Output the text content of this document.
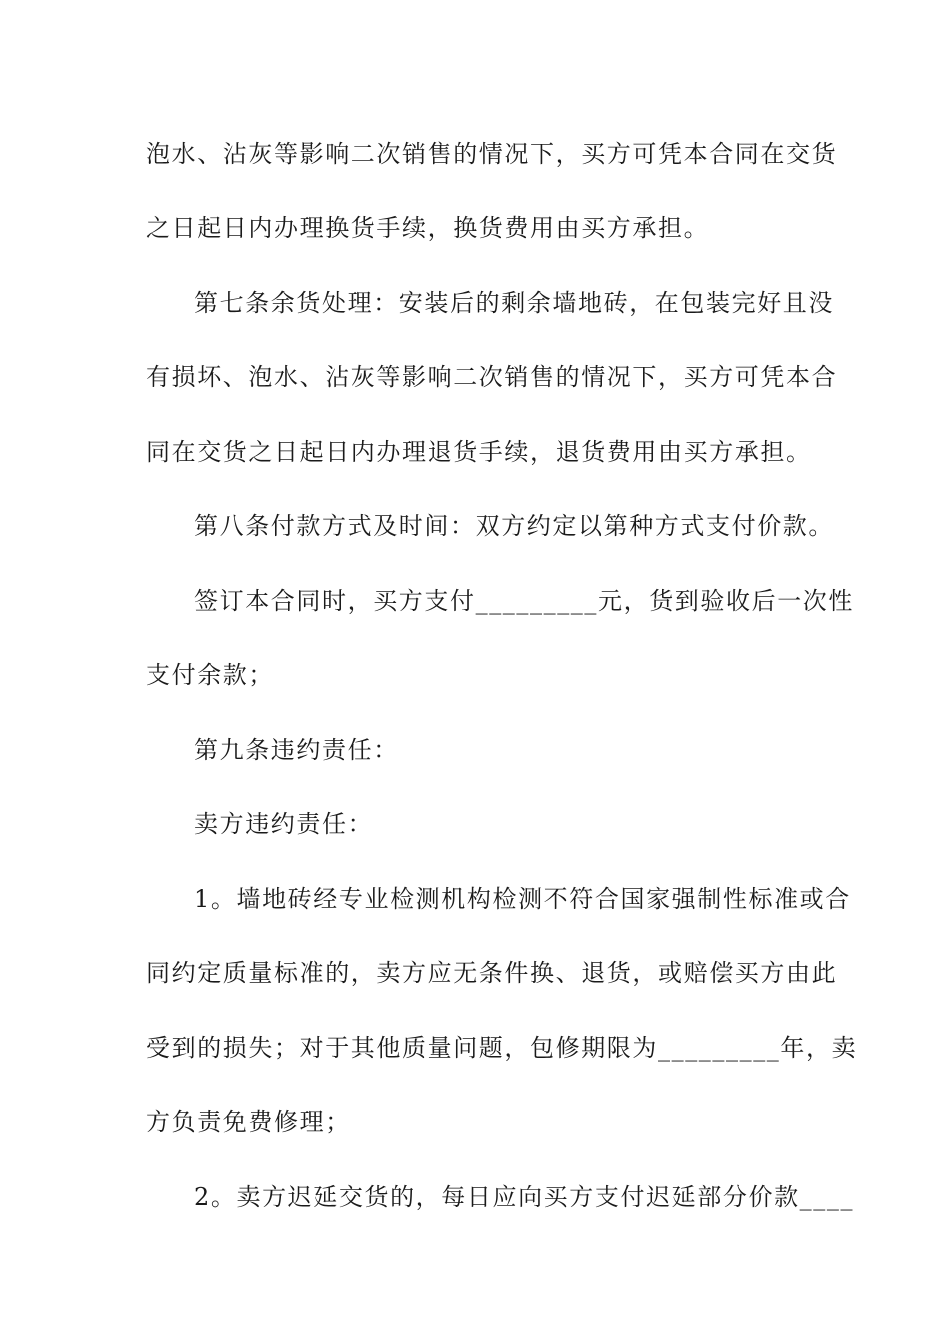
泡水、沾灰等影响二次销售的情况下，买方可凭本合同在交货
之日起日内办理换货手续，换货费用由买方承担。
第七条余货处理：安装后的剩余墙地砖，在包装完好且没
有损坏、泡水、沾灰等影响二次销售的情况下，买方可凭本合
同在交货之日起日内办理退货手续，退货费用由买方承担。
第八条付款方式及时间：双方约定以第种方式支付价款。
签订本合同时，买方支付_________元，货到验收后一次性
支付余款；
第九条违约责任：
卖方违约责任：
1。墙地砖经专业检测机构检测不符合国家强制性标准或合
同约定质量标准的，卖方应无条件换、退货，或赔偿买方由此
受到的损失；对于其他质量问题，包修期限为_________年，卖
方负责免费修理；
2。卖方迟延交货的，每日应向买方支付迟延部分价款____
